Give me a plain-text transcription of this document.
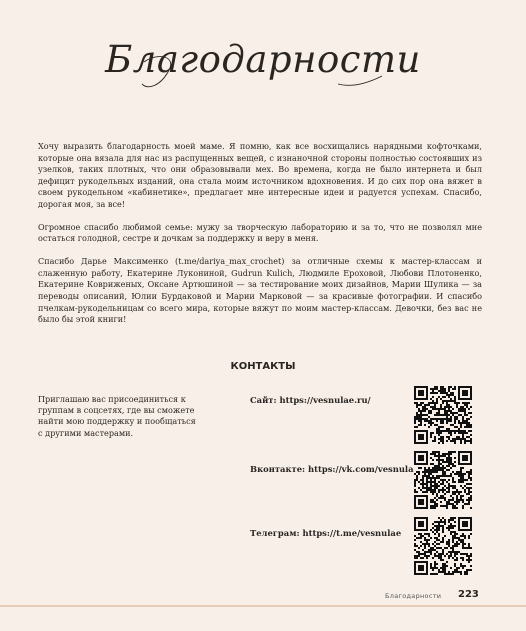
Благодарности

Хочу выразить благодарность моей маме. Я помню, как все восхищались нарядными кофточками, которые она вязала для нас из распущенных вещей, с изнаночной стороны полностью состоявших из узелков, таких плотных, что они образовывали мех. Во времена, когда не было интернета и был дефицит рукодельных изданий, она стала моим источником вдохновения. И до сих пор она вяжет в своем рукодельном «кабинетике», предлагает мне интересные идеи и радуется успехам. Спасибо, дорогая моя, за все!

Огромное спасибо любимой семье: мужу за творческую лабораторию и за то, что не позволял мне остаться голодной, сестре и дочкам за поддержку и веру в меня.

Спасибо Дарье Максименко (t.me/dariya_max_crochet) за отличные схемы к мастер-классам и слаженную работу, Екатерине Лукониной, Gudrun Kulich, Людмиле Ероховой, Любови Плотоненко, Екатерине Ковриженых, Оксане Артюшиной — за тестирование моих дизайнов, Марии Шулика — за переводы описаний, Юлии Бурдаковой и Марии Марковой — за красивые фотографии. И спасибо пчелкам-рукодельницам со всего мира, которые вяжут по моим мастер-классам. Девочки, без вас не было бы этой книги!

КОНТАКТЫ
Приглашаю вас присоединиться к группам в соцсетях, где вы сможете найти мою поддержку и пообщаться с другими мастерами.
Сайт: https://vesnulae.ru/
Вконтакте: https://vk.com/vesnula
Телеграм: https://t.me/vesnulae
Благодарности 223
